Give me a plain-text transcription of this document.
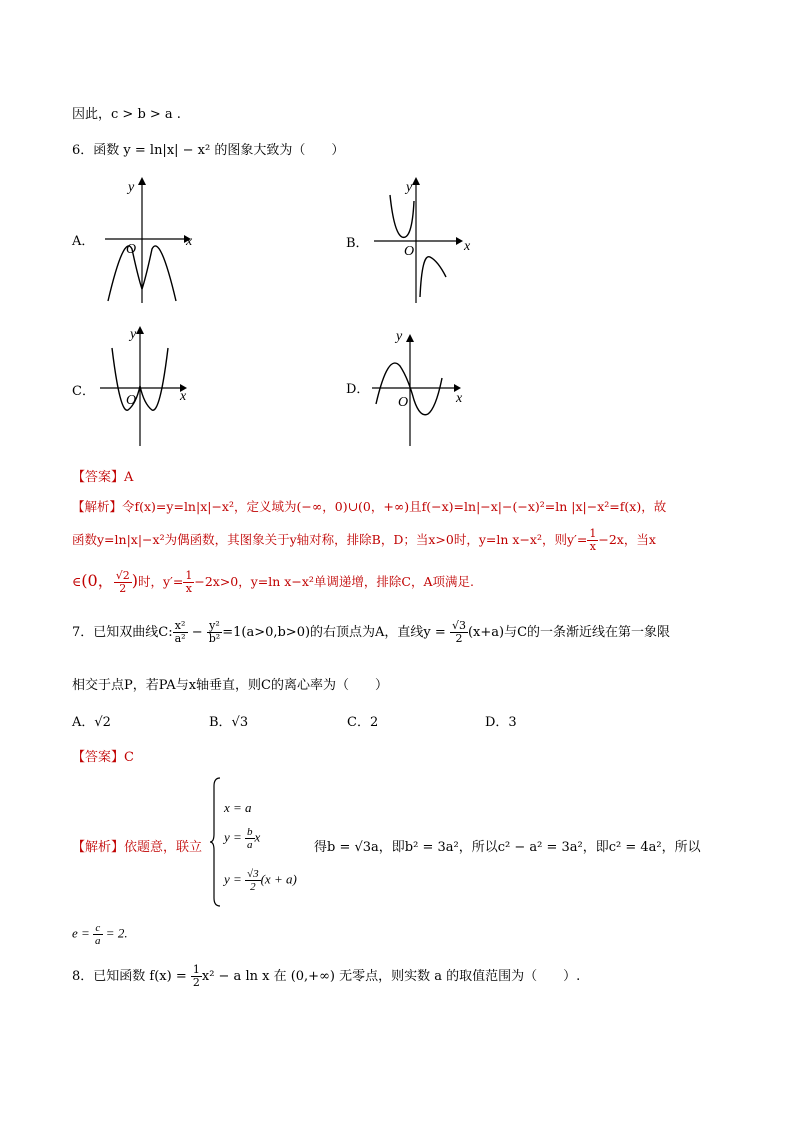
因此，c > b > a .
6．函数 y = ln|x| − x² 的图象大致为（　　）
A．	x
y
O	B．	x
y
O
C．	x
y
O
D．
x
y
O
【答案】A
【解析】令f(x)=y=ln|x|−x²，定义域为(−∞，0)∪(0，+∞)且f(−x)=ln|−x|−(−x)²=ln |x|−x²=f(x)，故
函数y=ln|x|−x²为偶函数，其图象关于y轴对称，排除B，D；当x>0时，y=ln x−x²，则$y'= \frac{1}{x} -2x$，当x
∈(0， $\frac{√2}{2}$ )时，$y'= \frac{1}{x} -2x>0$，y=ln x−x²单调递增，排除C，A项满足.
7．已知双曲线C: $\frac{\text{x²}}{\text{a²}} - \frac{\text{y²}}{\text{b²}} =1(a>0,b>0)$的右顶点为A，直线$y = \frac{√3}{2} (x+a)$与C的一条渐近线在第一象限
相交于点P，若PA与x轴垂直，则C的离心率为（　　）
A．√2	B．√3	C．2	D．3
【答案】C
【解析】依题意，联立
x = a
$y = \frac{b}{a}$ x
$y = \frac{√3}{2} (x + a)$
得b = √3a，即b² = 3a²，所以c² − a² = 3a²，即c² = 4a²，所以
$e = \frac{c}{a} = 2$.
8．已知函数 $f(x) = \frac{1}{2} x^2 - a$ ln x 在 (0,+∞) 无零点，则实数 a 的取值范围为（　　）.
